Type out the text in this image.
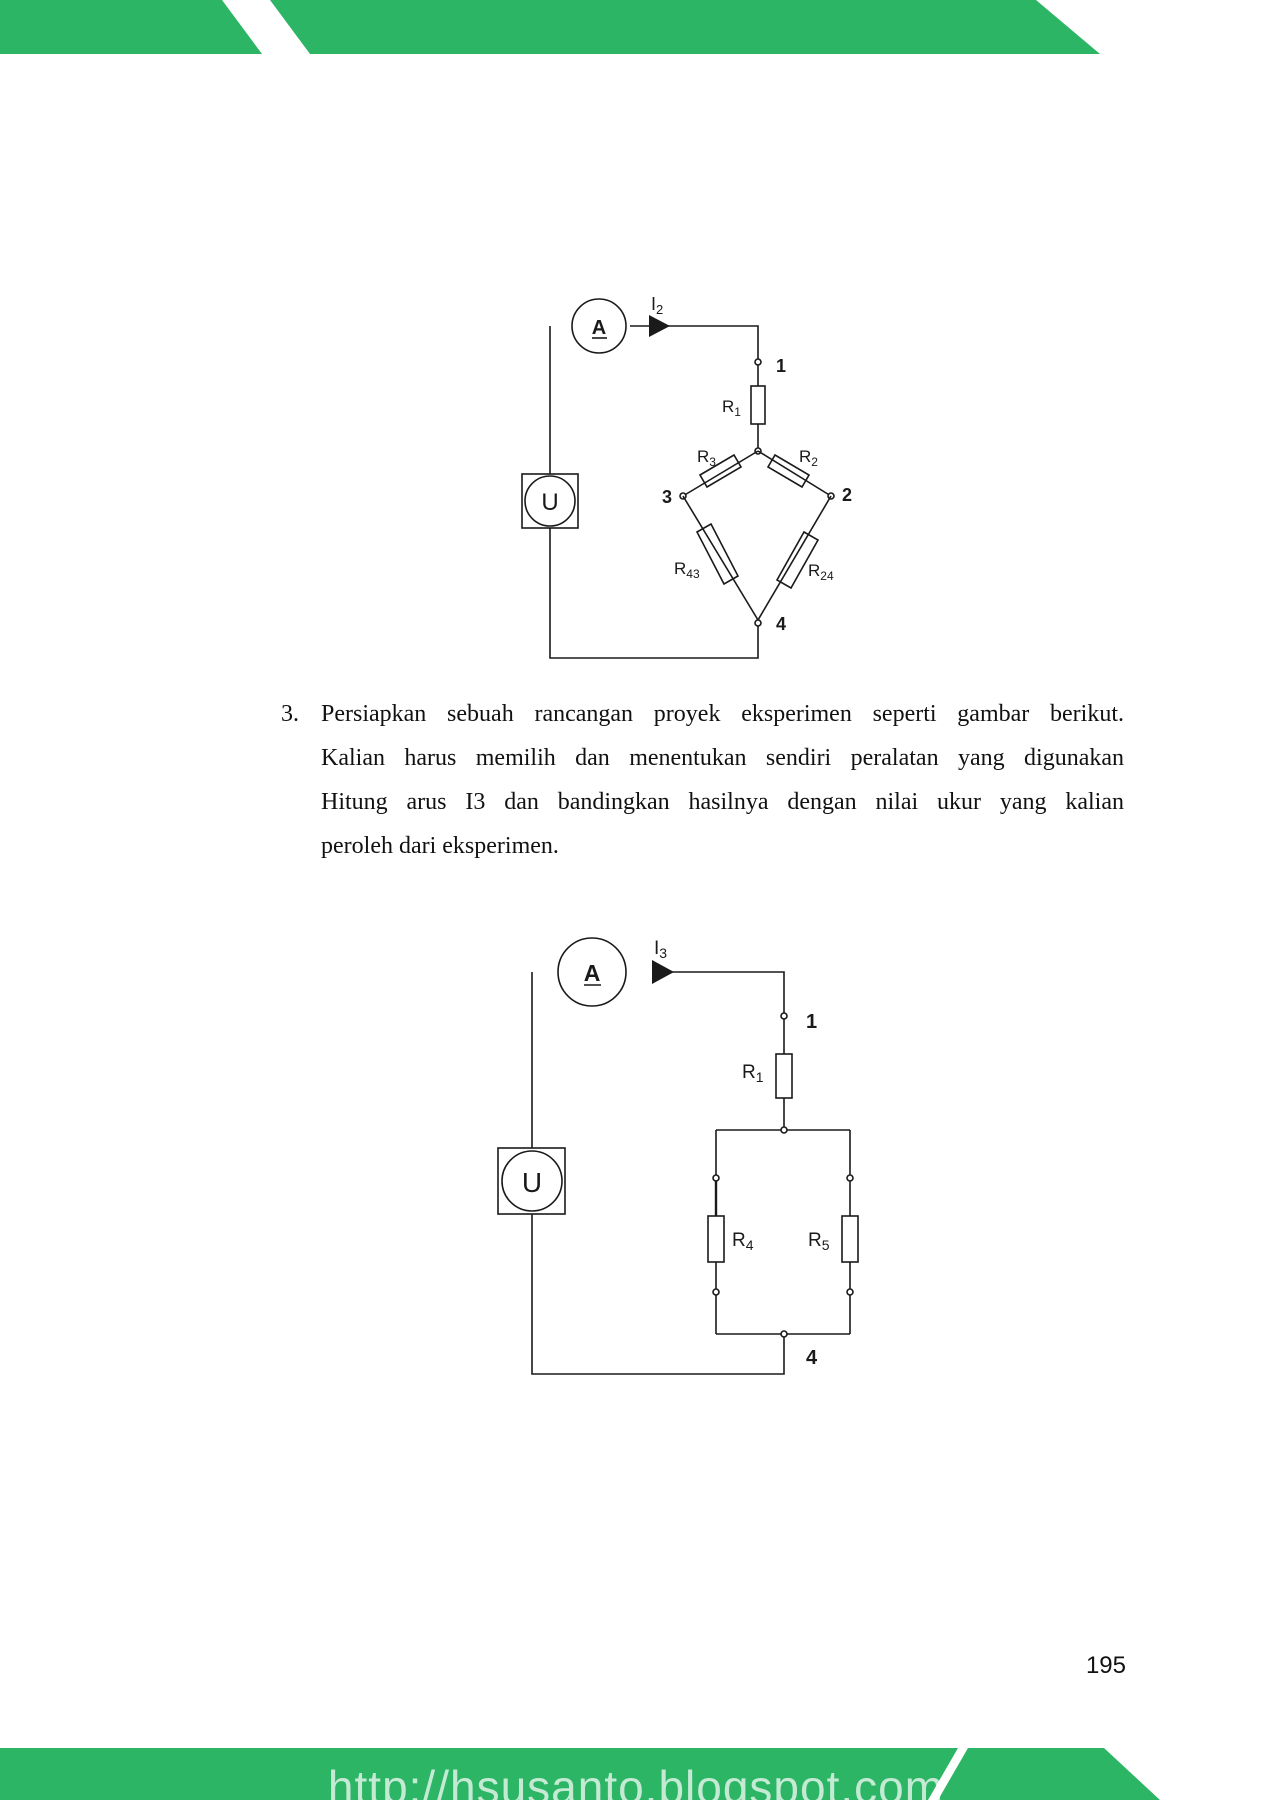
A
$I_2$
U
1
$R_1$
$R_3$
3
$R_2$
2
$R_{43}$	$R_{24}$
4
3. Persiapkan sebuah rancangan proyek eksperimen seperti gambar berikut.
Kalian harus memilih dan menentukan sendiri peralatan yang digunakan
Hitung arus I3 dan bandingkan hasilnya dengan nilai ukur yang kalian
peroleh dari eksperimen.
A
$I_3$
U
1
$R_1$
$R_4$	$R_5$
4
195
http://hsusanto.blogspot.com
